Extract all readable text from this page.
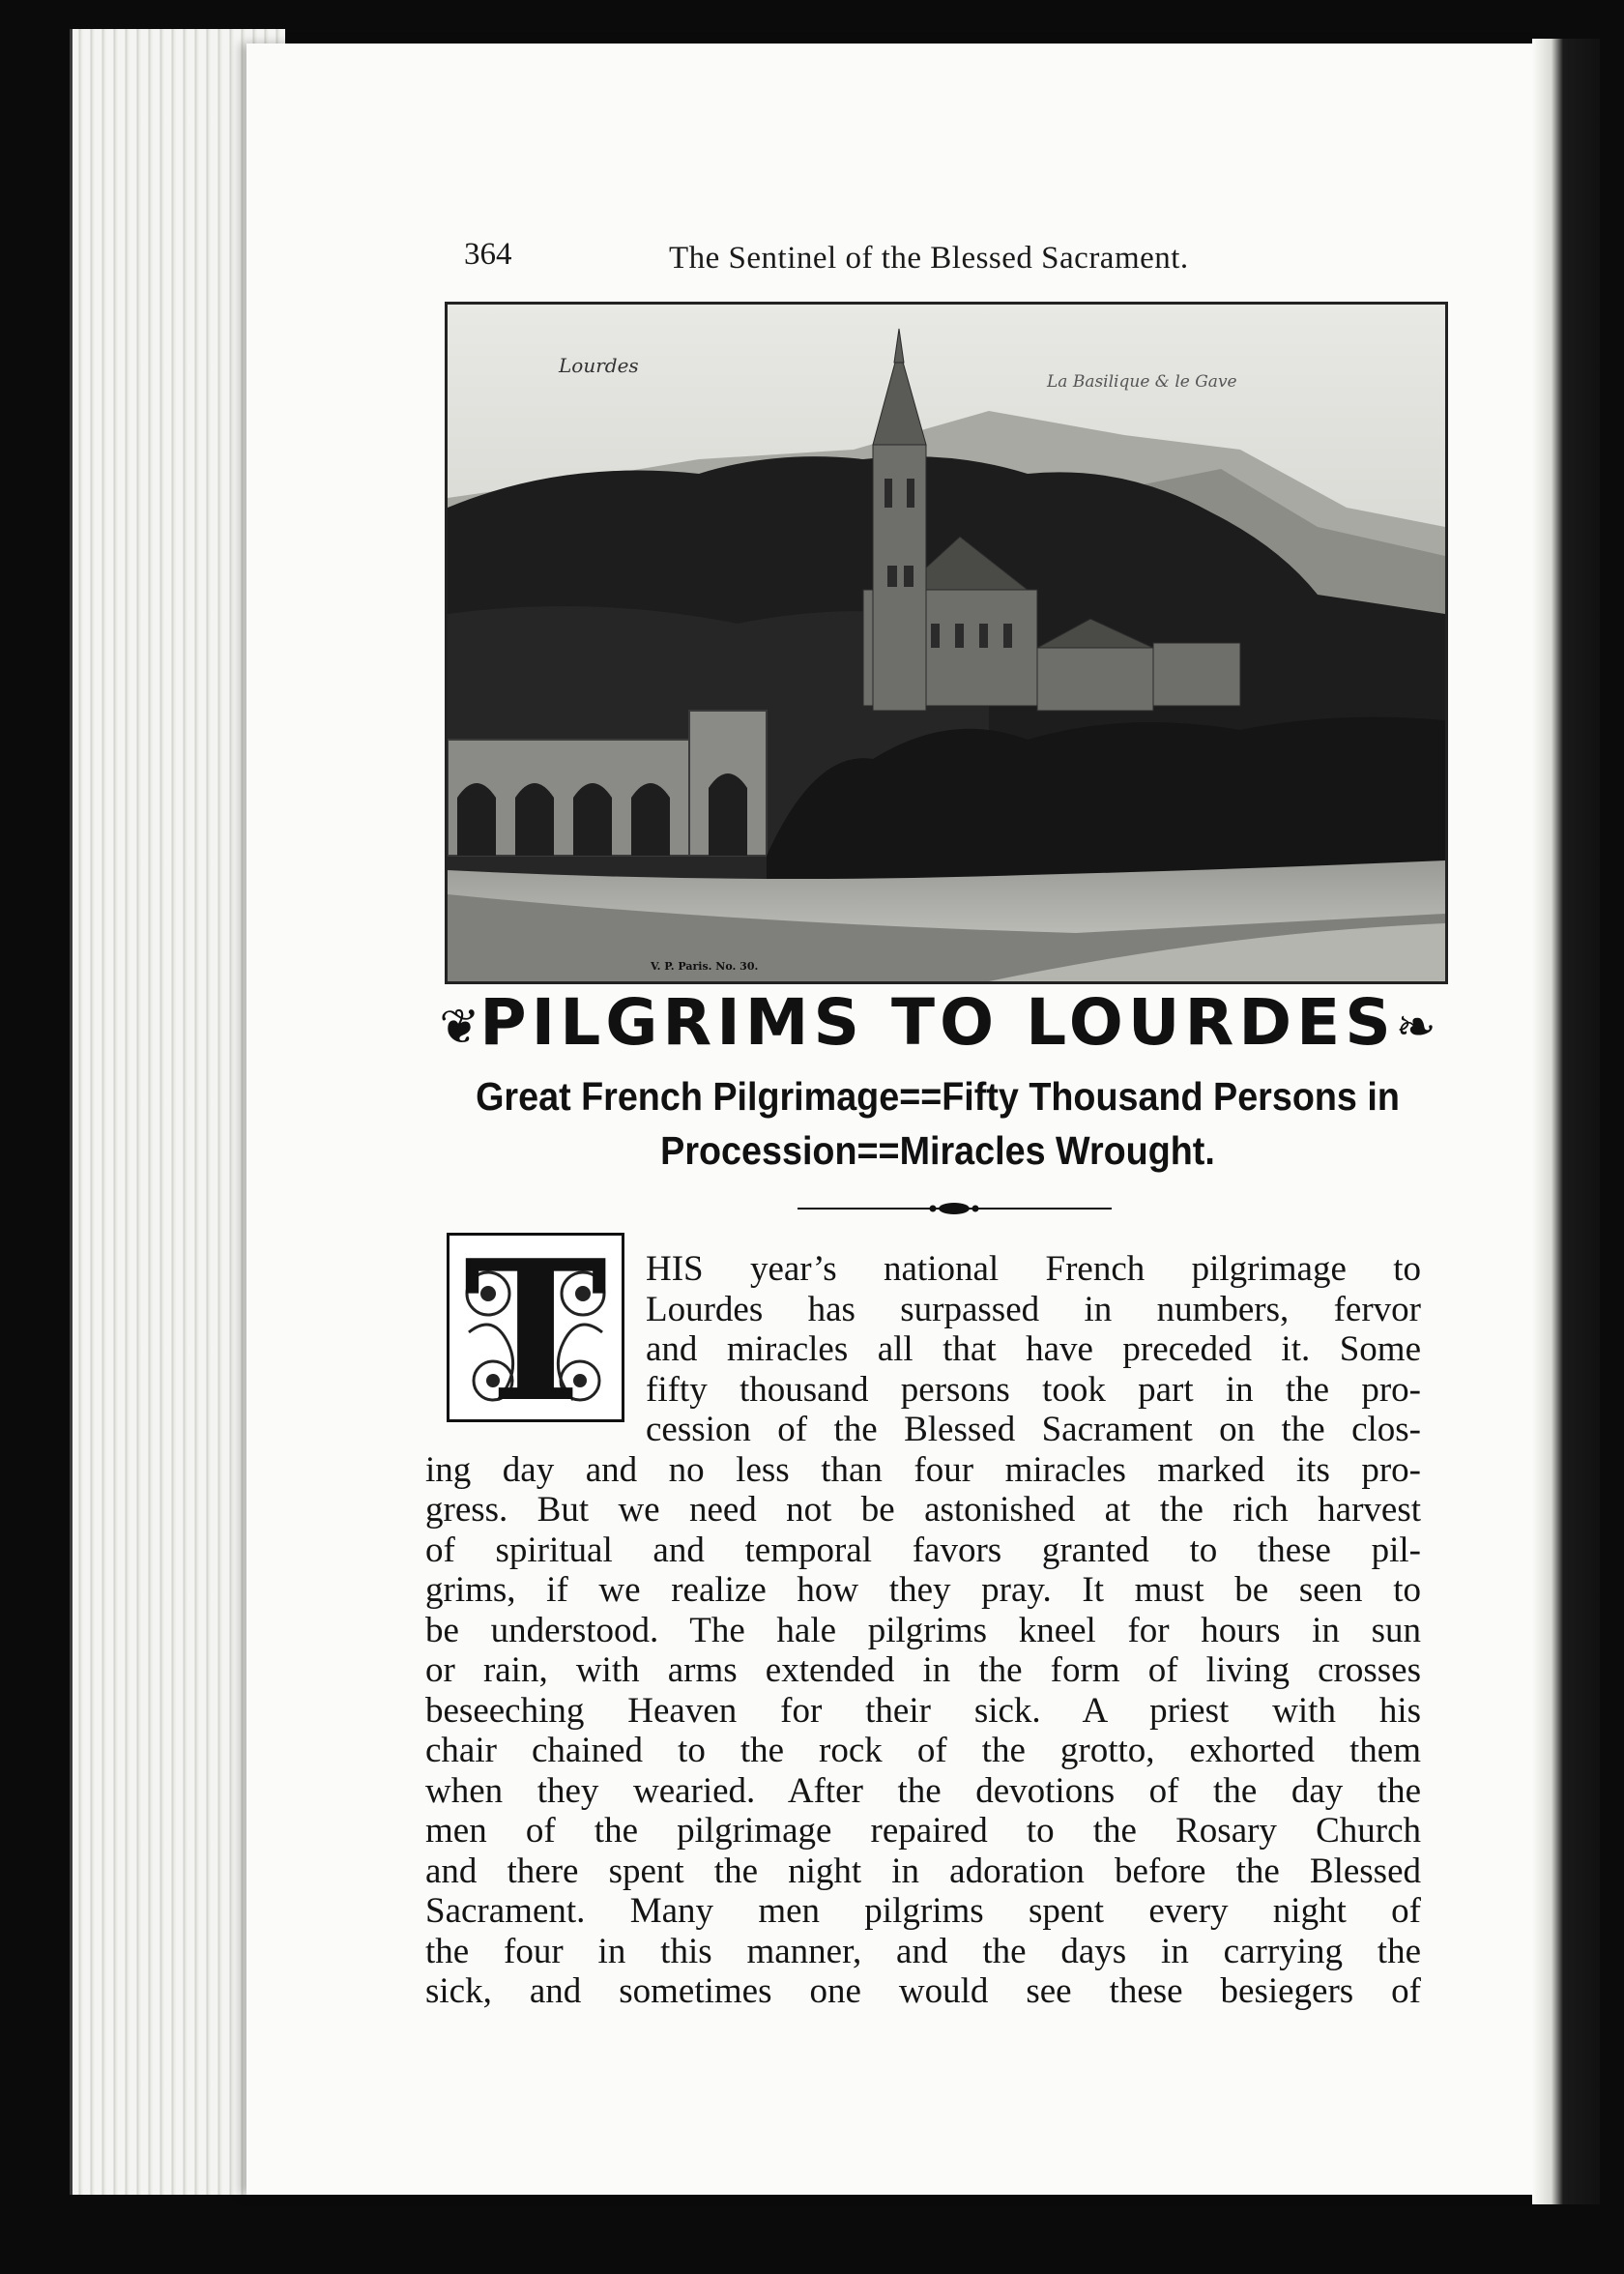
364	The Sentinel of the Blessed Sacrament.
Lourdes
La Basilique & le Gave
V. P. Paris. No. 30.
❦PILGRIMS TO LOURDES❧
Great French Pilgrimage==Fifty Thousand Persons in
Procession==Miracles Wrought.
T	HIS year’s national French pilgrimage to
Lourdes has surpassed in numbers, fervor
and miracles all that have preceded it. Some
fifty thousand persons took part in the pro-
cession of the Blessed Sacrament on the clos-
ing day and no less than four miracles marked its pro-
gress. But we need not be astonished at the rich harvest
of spiritual and temporal favors granted to these pil-
grims, if we realize how they pray. It must be seen to
be understood. The hale pilgrims kneel for hours in sun
or rain, with arms extended in the form of living crosses
beseeching Heaven for their sick. A priest with his
chair chained to the rock of the grotto, exhorted them
when they wearied. After the devotions of the day the
men of the pilgrimage repaired to the Rosary Church
and there spent the night in adoration before the Blessed
Sacrament. Many men pilgrims spent every night of
the four in this manner, and the days in carrying the
sick, and sometimes one would see these besiegers of
